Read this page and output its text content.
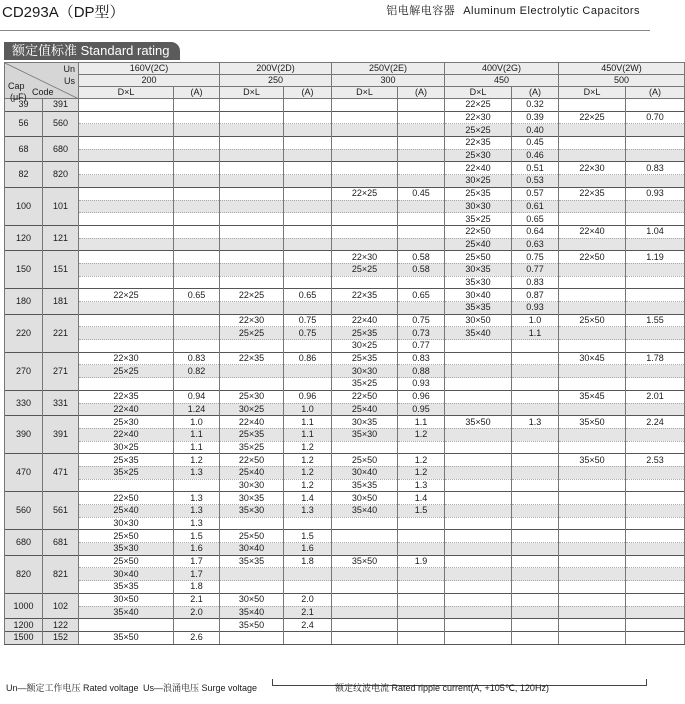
CD293A（DP型）	铝电解电容器 Aluminum Electrolytic Capacitors
额定值标准 Standard rating
Un
Us
Cap
(μF) Code		160V(2C)		200V(2D)		250V(2E)		400V(2G)		450V(2W)	
		200		250		300		450		500	
		D×L	(A)	D×L	(A)	D×L	(A)	D×L	(A)	D×L	(A)
39	391							22×25	0.32		
56	560							22×30	0.39	22×25	0.70
								25×25	0.40		
68	680							22×35	0.45		
								25×30	0.46		
82	820							22×40	0.51	22×30	0.83
								30×25	0.53		
100	101					22×25	0.45	25×35	0.57	22×35	0.93
								30×30	0.61		
								35×25	0.65		
120	121							22×50	0.64	22×40	1.04
								25×40	0.63		
150	151					22×30	0.58	25×50	0.75	22×50	1.19
						25×25	0.58	30×35	0.77		
								35×30	0.83		
180	181	22×25	0.65	22×25	0.65	22×35	0.65	30×40	0.87		
								35×35	0.93		
220	221			22×30	0.75	22×40	0.75	30×50	1.0	25×50	1.55
				25×25	0.75	25×35	0.73	35×40	1.1		
						30×25	0.77				
270	271	22×30	0.83	22×35	0.86	25×35	0.83			30×45	1.78
		25×25	0.82			30×30	0.88				
						35×25	0.93				
330	331	22×35	0.94	25×30	0.96	22×50	0.96			35×45	2.01
		22×40	1.24	30×25	1.0	25×40	0.95				
390	391	25×30	1.0	22×40	1.1	30×35	1.1	35×50	1.3	35×50	2.24
		22×40	1.1	25×35	1.1	35×30	1.2				
		30×25	1.1	35×25	1.2						
470	471	25×35	1.2	22×50	1.2	25×50	1.2			35×50	2.53
		35×25	1.3	25×40	1.2	30×40	1.2				
				30×30	1.2	35×35	1.3				
560	561	22×50	1.3	30×35	1.4	30×50	1.4				
		25×40	1.3	35×30	1.3	35×40	1.5				
		30×30	1.3								
680	681	25×50	1.5	25×50	1.5						
		35×30	1.6	30×40	1.6						
820	821	25×50	1.7	35×35	1.8	35×50	1.9				
		30×40	1.7								
		35×35	1.8								
1000	102	30×50	2.1	30×50	2.0						
		35×40	2.0	35×40	2.1						
1200	122			35×50	2.4						
1500	152	35×50	2.6								
Un—额定工作电压 Rated voltage Us—浪涌电压 Surge voltage	额定纹波电流 Rated ripple current(A, +105℃, 120Hz)
